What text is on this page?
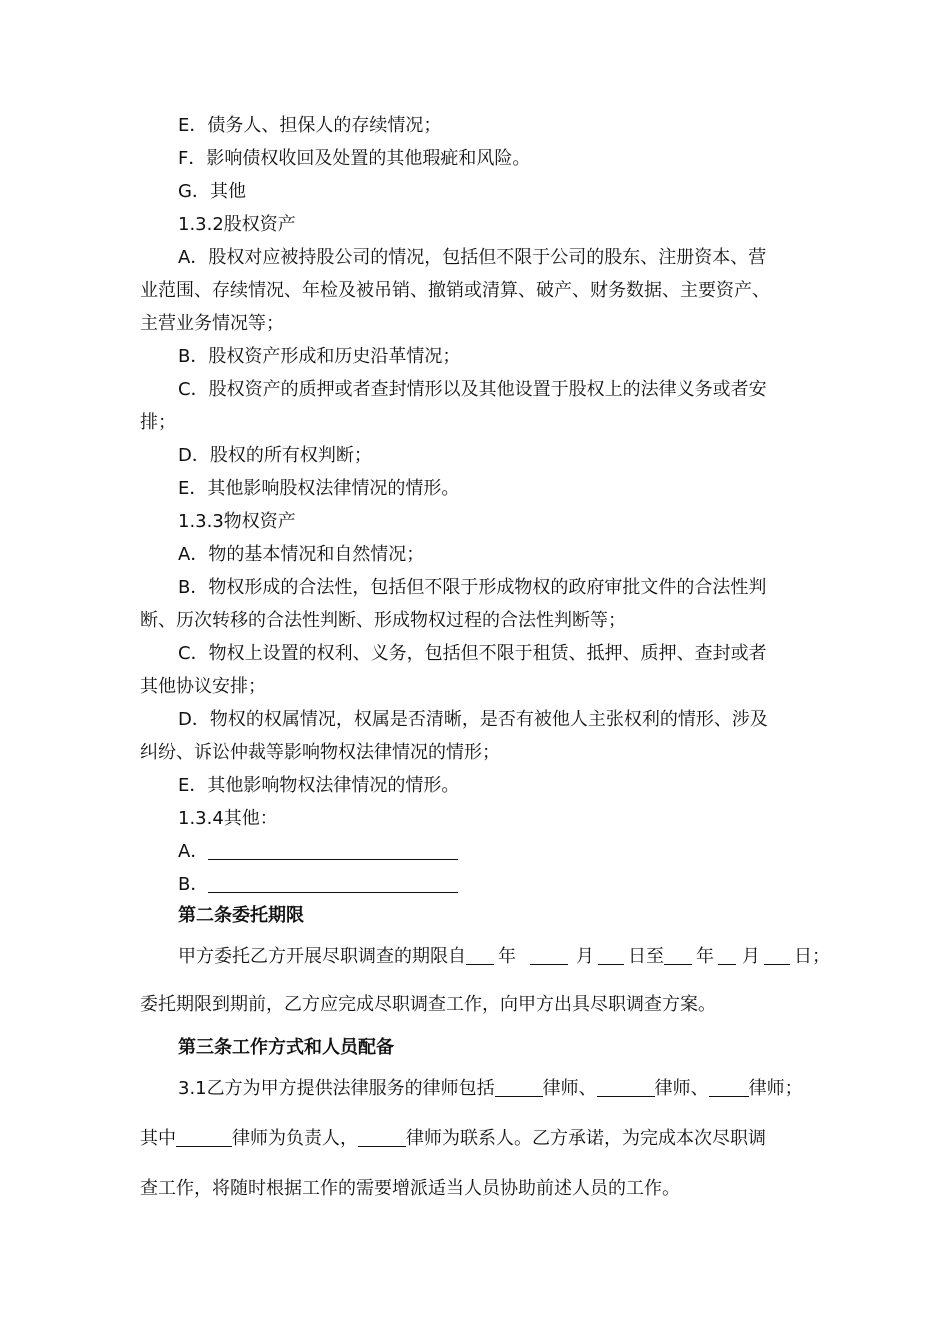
E．债务人、担保人的存续情况；
F．影响债权收回及处置的其他瑕疵和风险。
G．其他
1.3.2股权资产
A．股权对应被持股公司的情况，包括但不限于公司的股东、注册资本、营
业范围、存续情况、年检及被吊销、撤销或清算、破产、财务数据、主要资产、
主营业务情况等；
B．股权资产形成和历史沿革情况；
C．股权资产的质押或者查封情形以及其他设置于股权上的法律义务或者安
排；
D．股权的所有权判断；
E．其他影响股权法律情况的情形。
1.3.3物权资产
A．物的基本情况和自然情况；
B．物权形成的合法性，包括但不限于形成物权的政府审批文件的合法性判
断、历次转移的合法性判断、形成物权过程的合法性判断等；
C．物权上设置的权利、义务，包括但不限于租赁、抵押、质押、查封或者
其他协议安排；
D．物权的权属情况，权属是否清晰，是否有被他人主张权利的情形、涉及
纠纷、诉讼仲裁等影响物权法律情况的情形；
E．其他影响物权法律情况的情形。
1.3.4其他：
A．
B．
第二条委托期限
甲方委托乙方开展尽职调查的期限自 年	月 日至 年 月 日；
委托期限到期前，乙方应完成尽职调查工作，向甲方出具尽职调查方案。
第三条工作方式和人员配备
3.1乙方为甲方提供法律服务的律师包括	律师、	律师、 律师；
其中	律师为负责人，	律师为联系人。乙方承诺，为完成本次尽职调
查工作，将随时根据工作的需要增派适当人员协助前述人员的工作。
